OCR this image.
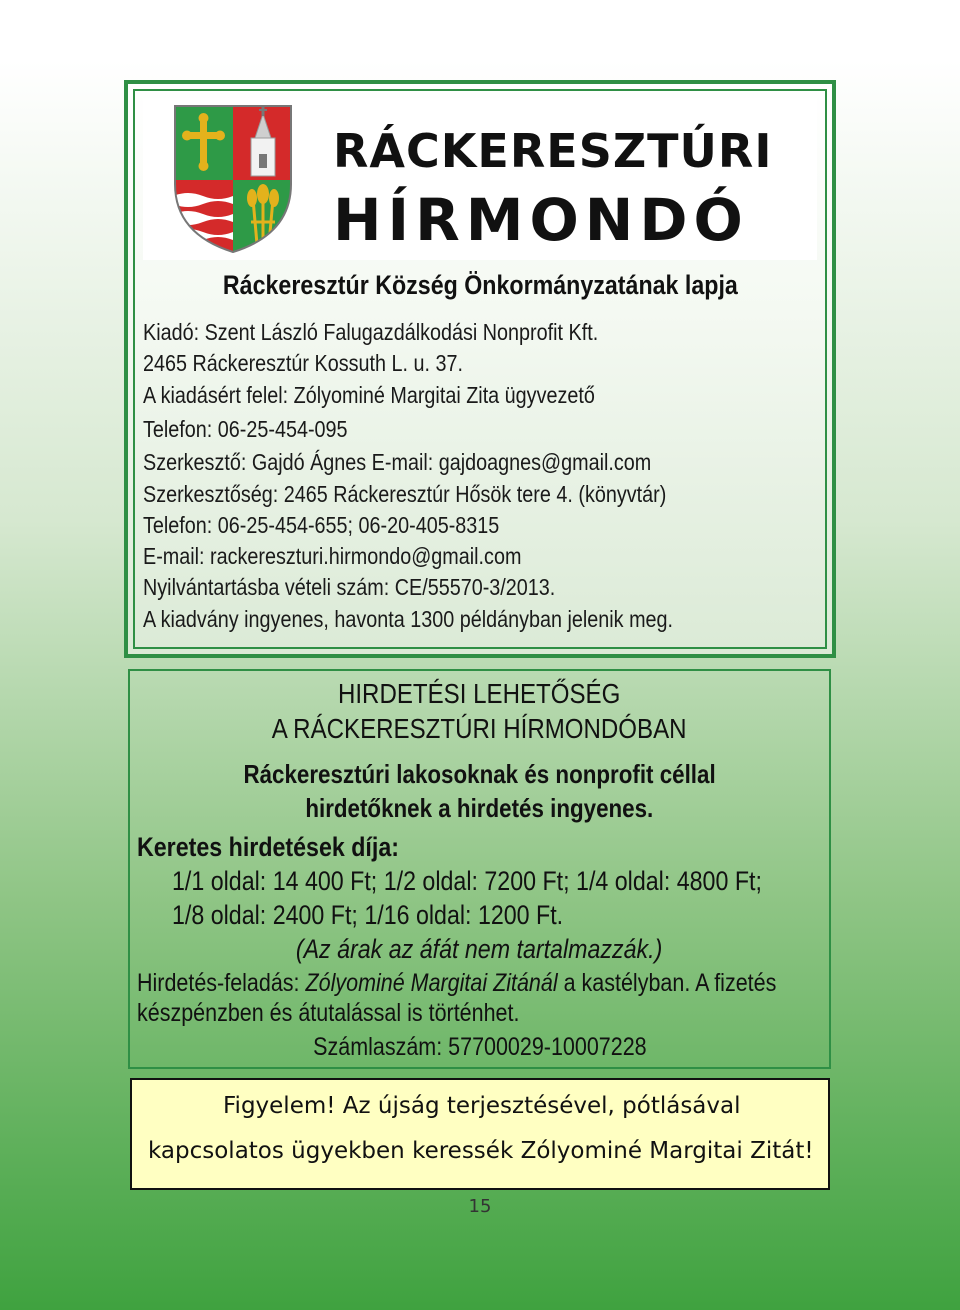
RÁCKERESZTÚRI
HÍRMONDÓ
Ráckeresztúr Község Önkormányzatának lapja
Kiadó: Szent László Falugazdálkodási Nonprofit Kft.
2465 Ráckeresztúr Kossuth L. u. 37.
A kiadásért felel: Zólyominé Margitai Zita ügyvezető
Telefon: 06-25-454-095
Szerkesztő: Gajdó Ágnes E-mail: gajdoagnes@gmail.com
Szerkesztőség: 2465 Ráckeresztúr Hősök tere 4. (könyvtár)
Telefon: 06-25-454-655; 06-20-405-8315
E-mail: rackereszturi.hirmondo@gmail.com
Nyilvántartásba vételi szám: CE/55570-3/2013.
A kiadvány ingyenes, havonta 1300 példányban jelenik meg.
HIRDETÉSI LEHETŐSÉG
A RÁCKERESZTÚRI HÍRMONDÓBAN
Ráckeresztúri lakosoknak és nonprofit céllal
hirdetőknek a hirdetés ingyenes.
Keretes hirdetések díja:
1/1 oldal: 14 400 Ft; 1/2 oldal: 7200 Ft; 1/4 oldal: 4800 Ft;
1/8 oldal: 2400 Ft; 1/16 oldal: 1200 Ft.
(Az árak az áfát nem tartalmazzák.)
Hirdetés-feladás: Zólyominé Margitai Zitánál a kastélyban. A fizetés
készpénzben és átutalással is történhet.
Számlaszám: 57700029-10007228
Figyelem! Az újság terjesztésével, pótlásával
kapcsolatos ügyekben keressék Zólyominé Margitai Zitát!
15
